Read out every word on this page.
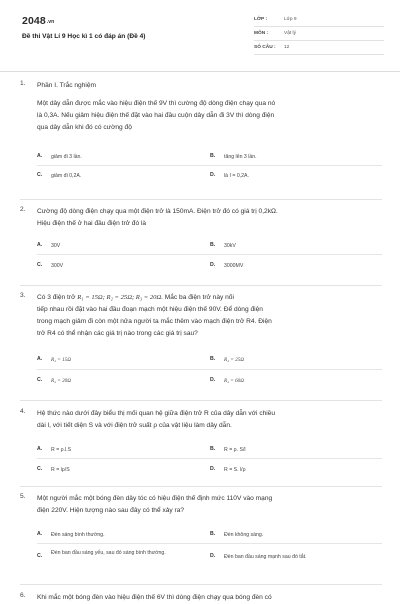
2048.vn
Đề thi Vật Lí 9 Học kì 1 có đáp án (Đề 4)
LỚP :	Lớp 9
MÔN :	Vật lý
SỐ CÂU : 12
1. Phần I. Trắc nghiệm
Một dây dẫn được mắc vào hiệu điện thế 9V thì cường độ dòng điện chạy qua nó
là 0,3A. Nếu giảm hiệu điện thế đặt vào hai đầu cuộn dây dẫn đi 3V thì dòng điện
qua dây dẫn khi đó có cường độ
A. giảm đi 3 lần.	B. tăng lên 3 lần.
C. giảm đi 0,2A.	D. là I = 0,2A.
2. Cường độ dòng điện chạy qua một điện trở là 150mA. Điện trở đó có giá trị 0,2kΩ.
Hiệu điện thế ở hai đầu điện trở đó là
A. 30V	B. 30kV
C. 300V	D. 3000MV
3. Có 3 điện trở R₁ = 15Ω; R₂ = 25Ω; R₃ = 20Ω. Mắc ba điện trở này nối
tiếp nhau rồi đặt vào hai đầu đoạn mạch một hiệu điện thế 90V. Để dòng điện
trong mạch giảm đi còn một nửa người ta mắc thêm vào mạch điện trở R4. Điện
trở R4 có thể nhận các giá trị nào trong các giá trị sau?
A. R₄ = 15Ω	B. R₄ = 25Ω
C. R₄ = 20Ω	D. R₄ = 60Ω
4. Hệ thức nào dưới đây biểu thị mối quan hệ giữa điện trở R của dây dẫn với chiều
dài l, với tiết diện S và với điện trở suất ρ của vật liệu làm dây dẫn.
A. R = ρ.l.S	B. R = ρ. S/l
C. R = lρ/S	D. R = S. l/ρ
5. Một người mắc một bóng đèn dây tóc có hiệu điện thế định mức 110V vào mạng
điện 220V. Hiện tượng nào sau đây có thể xảy ra?
A. Đèn sáng bình thường.	B. Đèn không sáng.
C. Đèn ban đầu sáng yếu, sau đó sáng bình thường.	D. Đèn ban đầu sáng mạnh sau đó tắt.
6. Khi mắc một bóng đèn vào hiệu điện thế 6V thì dòng điện chạy qua bóng đèn có
